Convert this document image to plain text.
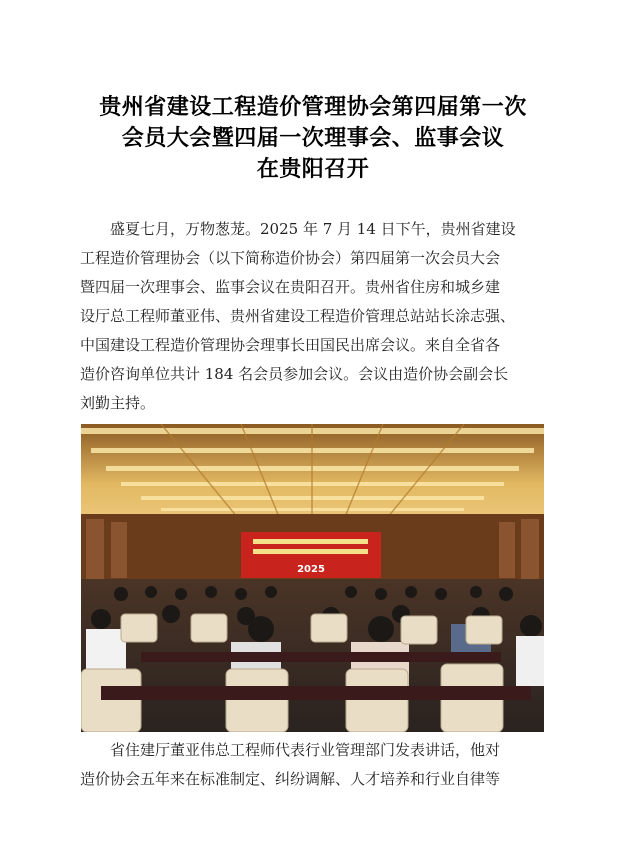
贵州省建设工程造价管理协会第四届第一次
会员大会暨四届一次理事会、监事会议
在贵阳召开
盛夏七月，万物葱茏。2025 年 7 月 14 日下午，贵州省建设
工程造价管理协会（以下简称造价协会）第四届第一次会员大会
暨四届一次理事会、监事会议在贵阳召开。贵州省住房和城乡建
设厅总工程师董亚伟、贵州省建设工程造价管理总站站长涂志强、
中国建设工程造价管理协会理事长田国民出席会议。来自全省各
造价咨询单位共计 184 名会员参加会议。会议由造价协会副会长
刘勤主持。
2025
省住建厅董亚伟总工程师代表行业管理部门发表讲话，他对
造价协会五年来在标准制定、纠纷调解、人才培养和行业自律等
